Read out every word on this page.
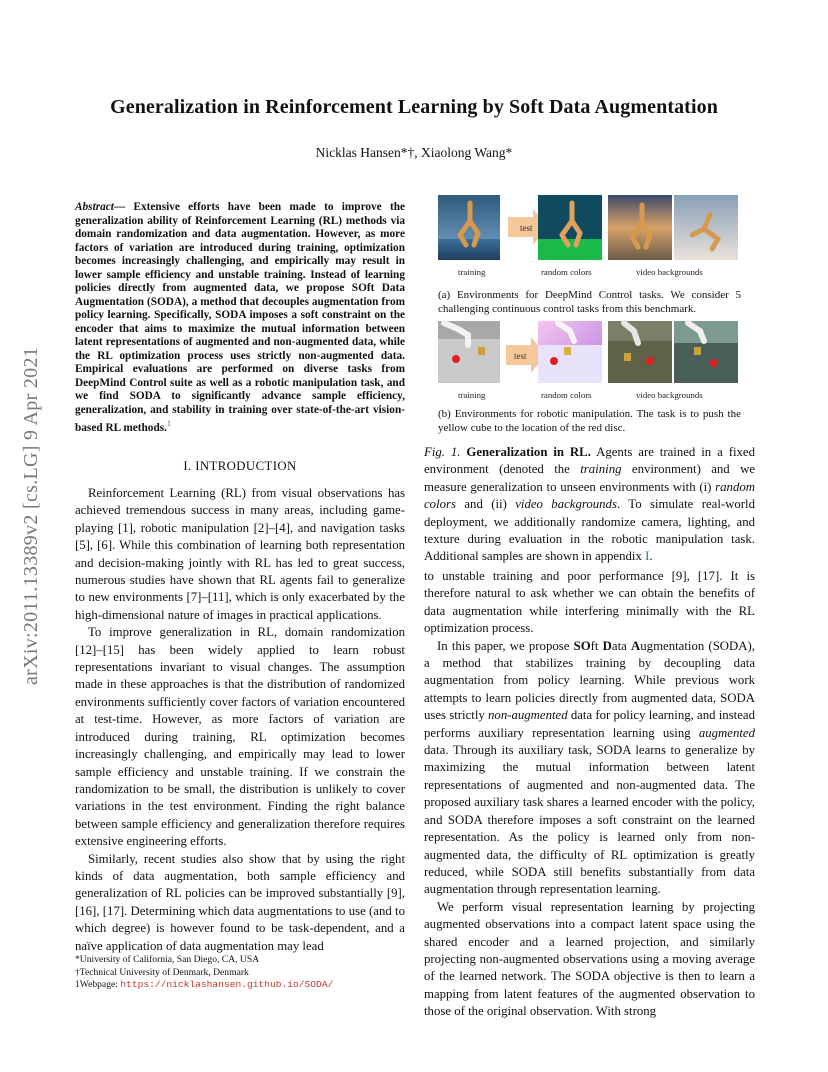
arXiv:2011.13389v2 [cs.LG] 9 Apr 2021
Generalization in Reinforcement Learning by Soft Data Augmentation
Nicklas Hansen*†, Xiaolong Wang*
Abstract— Extensive efforts have been made to improve the generalization ability of Reinforcement Learning (RL) methods via domain randomization and data augmentation. However, as more factors of variation are introduced during training, optimization becomes increasingly challenging, and empirically may result in lower sample efficiency and unstable training. Instead of learning policies directly from augmented data, we propose SOft Data Augmentation (SODA), a method that decouples augmentation from policy learning. Specifically, SODA imposes a soft constraint on the encoder that aims to maximize the mutual information between latent representations of augmented and non-augmented data, while the RL optimization process uses strictly non-augmented data. Empirical evaluations are performed on diverse tasks from DeepMind Control suite as well as a robotic manipulation task, and we find SODA to significantly advance sample efficiency, generalization, and stability in training over state-of-the-art vision-based RL methods.$^1$
I. INTRODUCTION

Reinforcement Learning (RL) from visual observations has achieved tremendous success in many areas, including game-playing [1], robotic manipulation [2]–[4], and navigation tasks [5], [6]. While this combination of learning both representation and decision-making jointly with RL has led to great success, numerous studies have shown that RL agents fail to generalize to new environments [7]–[11], which is only exacerbated by the high-dimensional nature of images in practical applications.

To improve generalization in RL, domain randomization [12]–[15] has been widely applied to learn robust representations invariant to visual changes. The assumption made in these approaches is that the distribution of randomized environments sufficiently cover factors of variation encountered at test-time. However, as more factors of variation are introduced during training, RL optimization becomes increasingly challenging, and empirically may lead to lower sample efficiency and unstable training. If we constrain the randomization to be small, the distribution is unlikely to cover variations in the test environment. Finding the right balance between sample efficiency and generalization therefore requires extensive engineering efforts.

Similarly, recent studies also show that by using the right kinds of data augmentation, both sample efficiency and generalization of RL policies can be improved substantially [9], [16], [17]. Determining which data augmentations to use (and to which degree) is however found to be task-dependent, and a naïve application of data augmentation may lead

*University of California, San Diego, CA, USA
†Technical University of Denmark, Denmark
1Webpage: https://nicklashansen.github.io/SODA/
test
training	random colors	video backgrounds
test
training	random colors	video backgrounds
(a) Environments for DeepMind Control tasks. We consider 5 challenging continuous control tasks from this benchmark.
(b) Environments for robotic manipulation. The task is to push the yellow cube to the location of the red disc.
Fig. 1. Generalization in RL. Agents are trained in a fixed environment (denoted the training environment) and we measure generalization to unseen environments with (i) random colors and (ii) video backgrounds. To simulate real-world deployment, we additionally randomize camera, lighting, and texture during evaluation in the robotic manipulation task. Additional samples are shown in appendix I.

to unstable training and poor performance [9], [17]. It is therefore natural to ask whether we can obtain the benefits of data augmentation while interfering minimally with the RL optimization process.

In this paper, we propose SOft Data Augmentation (SODA), a method that stabilizes training by decoupling data augmentation from policy learning. While previous work attempts to learn policies directly from augmented data, SODA uses strictly non-augmented data for policy learning, and instead performs auxiliary representation learning using augmented data. Through its auxiliary task, SODA learns to generalize by maximizing the mutual information between latent representations of augmented and non-augmented data. The proposed auxiliary task shares a learned encoder with the policy, and SODA therefore imposes a soft constraint on the learned representation. As the policy is learned only from non-augmented data, the difficulty of RL optimization is greatly reduced, while SODA still benefits substantially from data augmentation through representation learning.

We perform visual representation learning by projecting augmented observations into a compact latent space using the shared encoder and a learned projection, and similarly projecting non-augmented observations using a moving average of the learned network. The SODA objective is then to learn a mapping from latent features of the augmented observation to those of the original observation. With strong
